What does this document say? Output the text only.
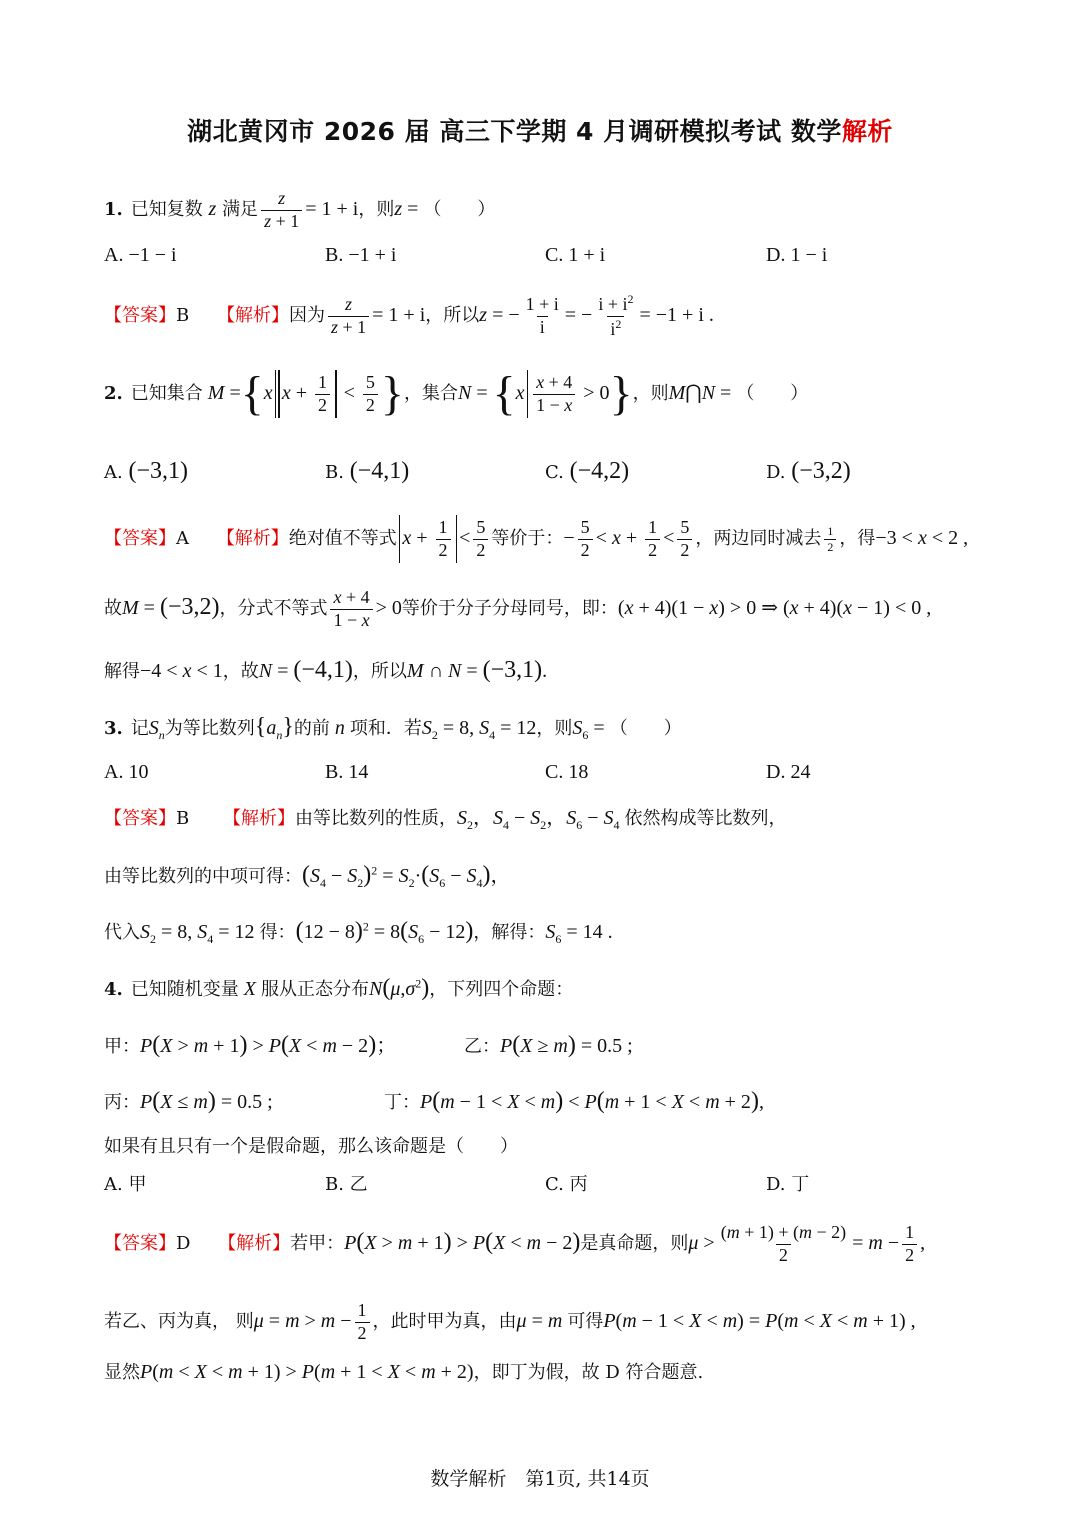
湖北黄冈市 2026 届 高三下学期 4 月调研模拟考试 数学解析
1. 已知复数 z 满足 $\frac{z}{z + 1} = 1 + i$，则z = （　　）
A. −1 − i	B. −1 + i	C. 1 + i	D. 1 − i
【答案】B 【解析】因为 $\frac{z}{z + 1} = 1 + i$，所以z = − $\frac{1 + i}{i}$ = − $\frac{i + i^2}{i^2} = -1 + i$ .
2. 已知集合 M ={x $x + \frac{1}{2} < \frac{5}{2}$ }，集合$N = \{x \frac{x + 4}{1 - x} > 0\}$，则M⋂N = （　　）
A. (−3,1)	B. (−4,1)	C. (−4,2)	D. (−3,2)
【答案】A 【解析】绝对值不等式 $x + \frac{1}{2} < \frac{5}{2}$ 等价于：− $\frac{5}{2} < x + \frac{1}{2} < \frac{5}{2}$ ，两边同时减去 $\frac{1}{2}$ ，得−3 < x < 2 ,
故M = (−3,2)，分式不等式 $\frac{x + 4}{1 - x} > 0$等价于分子分母同号，即：(x + 4)(1 − x) > 0 ⇒ (x + 4)(x − 1) < 0 ,
解得−4 < x < 1，故N = (−4,1)，所以M ∩ N = (−3,1).
3. 记$S_n$为等比数列$\{a_n\}$的前 n 项和．若$S_2 = 8$, $S_4 = 12$，则$S_6$ = （　　）
A. 10	B. 14	C. 18	D. 24
【答案】B 【解析】由等比数列的性质，$S_2$，$S_4 - S_2$，$S_6 - S_4$ 依然构成等比数列，
由等比数列的中项可得：$(S_4 - S_2)^2 = S_2\cdot(S_6 - S_4)$，
代入$S_2 = 8$, $S_4 = 12$ 得：$(12 - 8)^2 = 8(S_6 - 12)$，解得：$S_6 = 14$ .
4. 已知随机变量 X 服从正态分布$N(\mu,\sigma^2)$，下列四个命题：
甲：P(X > m + 1) > P(X < m − 2)；	乙：P(X ≥ m) = 0.5 ;
丙：P(X ≤ m) = 0.5 ;	丁：P(m − 1 < X < m) < P(m + 1 < X < m + 2),
如果有且只有一个是假命题，那么该命题是（　　）
A. 甲	B. 乙	C. 丙	D. 丁
【答案】D 【解析】若甲：P(X > m + 1) > P(X < m − 2)是真命题，则$\mu > \frac{(m + 1) + (m - 2)}{2} = m - \frac{1}{2}$ ,
若乙、丙为真， 则$\mu = m > m - \frac{1}{2}$ ，此时甲为真，由μ = m 可得P(m − 1 < X < m) = P(m < X < m + 1) ,
显然P(m < X < m + 1) > P(m + 1 < X < m + 2)，即丁为假，故 D 符合题意.
数学解析　第1页, 共14页
